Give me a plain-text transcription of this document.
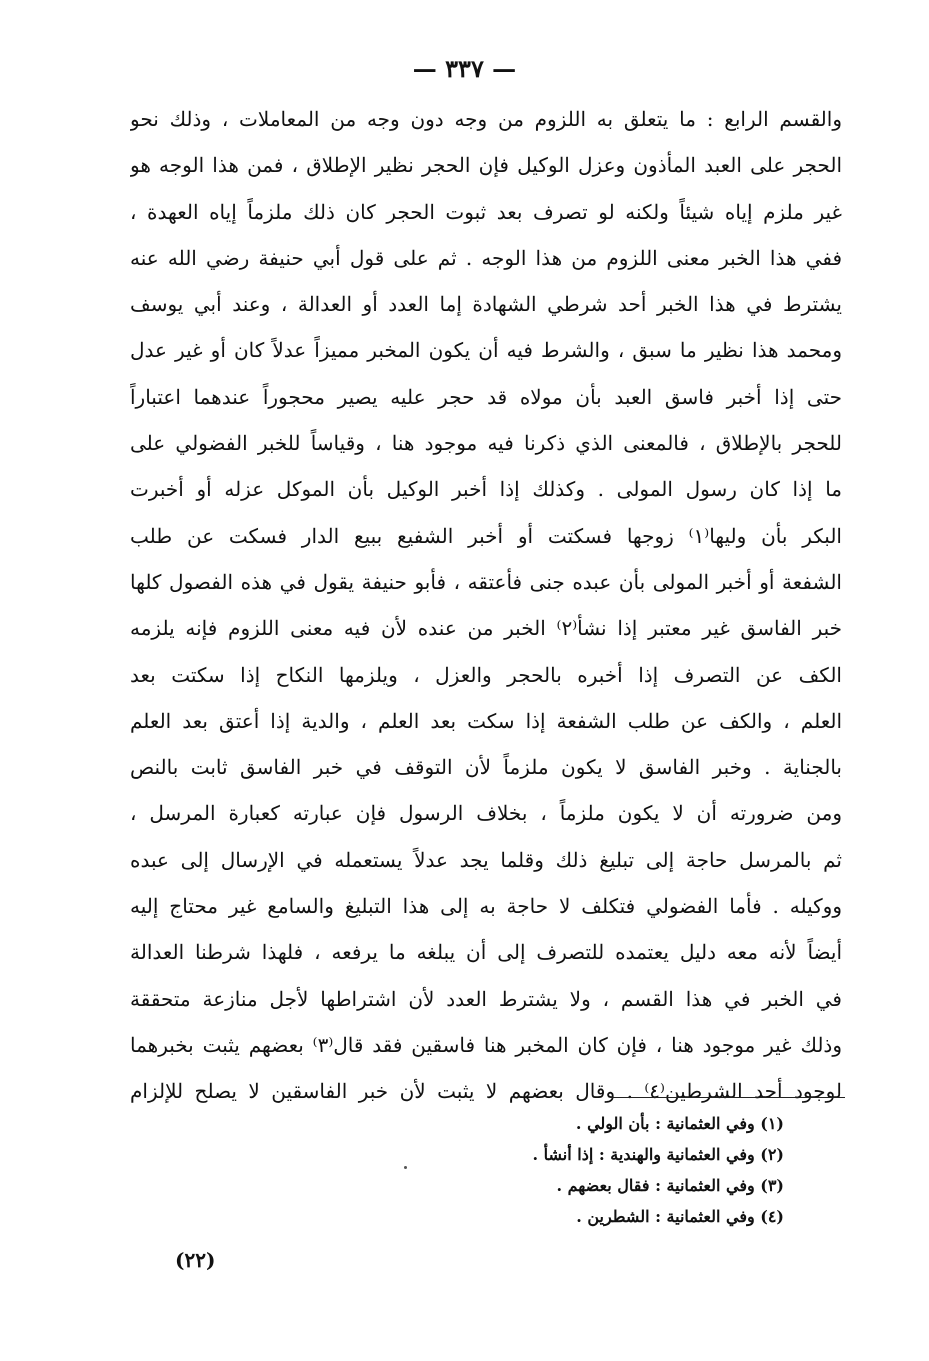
— ٣٣٧ —
والقسم الرابع : ما يتعلق به اللزوم من وجه دون وجه من المعاملات ، وذلك نحو
الحجر على العبد المأذون وعزل الوكيل فإن الحجر نظير الإطلاق ، فمن هذا الوجه هو
غير ملزم إياه شيئاً ولكنه لو تصرف بعد ثبوت الحجر كان ذلك ملزماً إياه العهدة ،
ففي هذا الخبر معنى اللزوم من هذا الوجه . ثم على قول أبي حنيفة رضي الله عنه
يشترط في هذا الخبر أحد شرطي الشهادة إما العدد أو العدالة ، وعند أبي يوسف
ومحمد هذا نظير ما سبق ، والشرط فيه أن يكون المخبر مميزاً عدلاً كان أو غير عدل
حتى إذا أخبر فاسق العبد بأن مولاه قد حجر عليه يصير محجوراً عندهما اعتباراً
للحجر بالإطلاق ، فالمعنى الذي ذكرنا فيه موجود هنا ، وقياساً للخبر الفضولي على
ما إذا كان رسول المولى . وكذلك إذا أخبر الوكيل بأن الموكل عزله أو أخبرت
البكر بأن وليها⁽١⁾ زوجها فسكتت أو أخبر الشفيع ببيع الدار فسكت عن طلب
الشفعة أو أخبر المولى بأن عبده جنى فأعتقه ، فأبو حنيفة يقول في هذه الفصول كلها
خبر الفاسق غير معتبر إذا نشأ⁽٢⁾ الخبر من عنده لأن فيه معنى اللزوم فإنه يلزمه
الكف عن التصرف إذا أخبره بالحجر والعزل ، ويلزمها النكاح إذا سكتت بعد
العلم ، والكف عن طلب الشفعة إذا سكت بعد العلم ، والدية إذا أعتق بعد العلم
بالجناية . وخبر الفاسق لا يكون ملزماً لأن التوقف في خبر الفاسق ثابت بالنص
ومن ضرورته أن لا يكون ملزماً ، بخلاف الرسول فإن عبارته كعبارة المرسل ،
ثم بالمرسل حاجة إلى تبليغ ذلك وقلما يجد عدلاً يستعمله في الإرسال إلى عبده
ووكيله . فأما الفضولي فتكلف لا حاجة به إلى هذا التبليغ والسامع غير محتاج إليه
أيضاً لأنه معه دليل يعتمده للتصرف إلى أن يبلغه ما يرفعه ، فلهذا شرطنا العدالة
في الخبر في هذا القسم ، ولا يشترط العدد لأن اشتراطها لأجل منازعة متحققة
وذلك غير موجود هنا ، فإن كان المخبر هنا فاسقين فقد قال⁽٣⁾ بعضهم يثبت بخبرهما
لوجود أحد الشرطين⁽٤⁾ . وقال بعضهم لا يثبت لأن خبر الفاسقين لا يصلح للإلزام
(١) وفي العثمانية : بأن الولي .
(٢) وفي العثمانية والهندية : إذا أنشأ .
(٣) وفي العثمانية : فقال بعضهم .
(٤) وفي العثمانية : الشطرين .
(٢٢)
